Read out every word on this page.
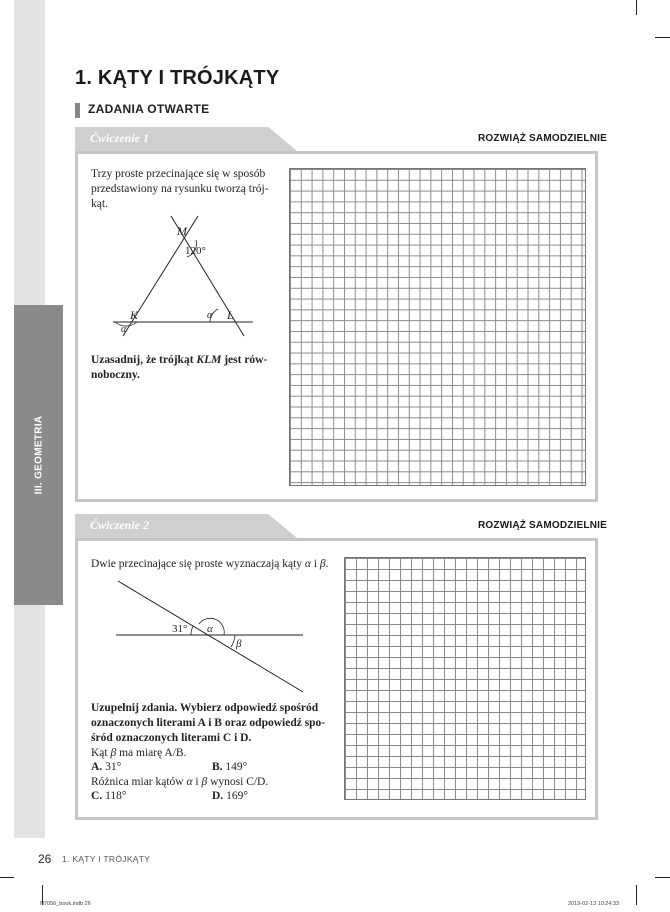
III. GEOMETRIA
1. KĄTY I TRÓJKĄTY
ZADANIA OTWARTE
Ćwiczenie 1	ROZWIĄŻ SAMODZIELNIE
Trzy proste przecinające się w sposób
przedstawiony na rysunku tworzą trój-
kąt.
M
120°
K	L
α
α
Uzasadnij, że trójkąt KLM jest rów-
noboczny.
Ćwiczenie 2	ROZWIĄŻ SAMODZIELNIE
Dwie przecinające się proste wyznaczają kąty α i β.
31° α
β
Uzupełnij zdania. Wybierz odpowiedź spośród
oznaczonych literami A i B oraz odpowiedź spo-
śród oznaczonych literami C i D.
Kąt β ma miarę A/B.
A. 31°	B. 149°
Różnica miar kątów α i β wynosi C/D.
C. 118°	D. 169°
26 1. KĄTY I TRÓJKĄTY
N7056_book.indb 26	2019-02-13 10:24:33
